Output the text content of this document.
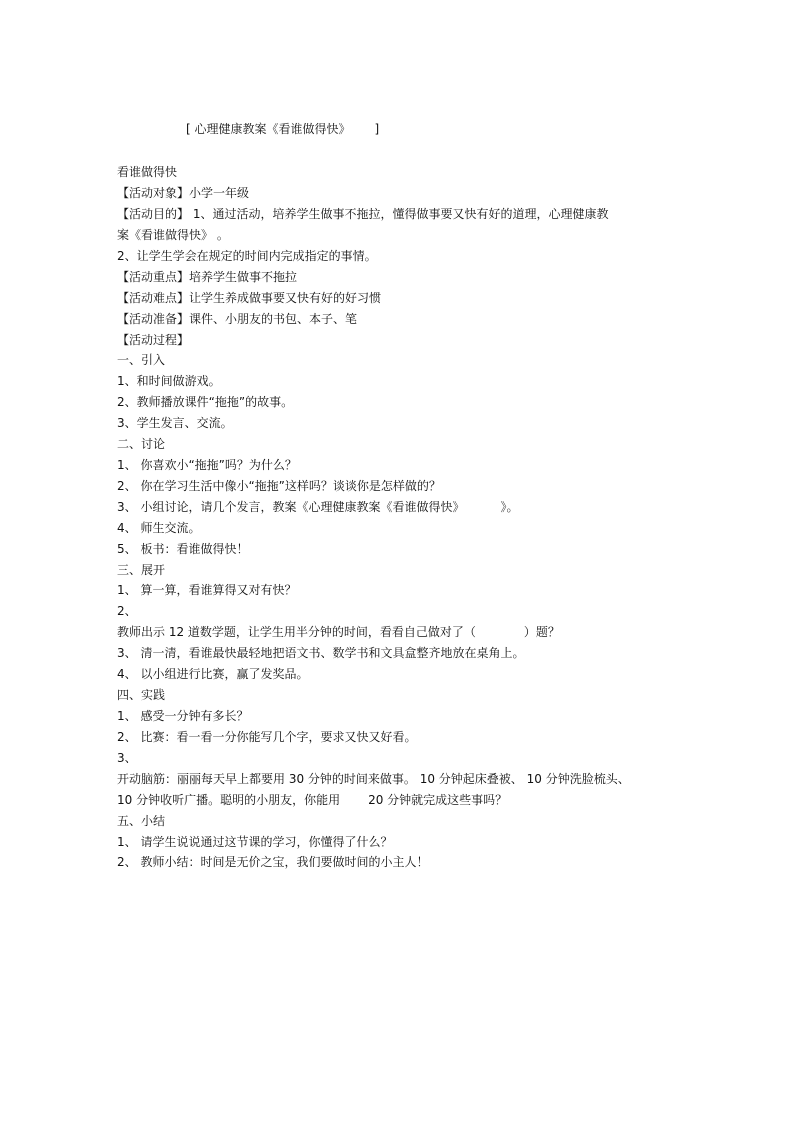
[ 心理健康教案《看谁做得快》 ]
看谁做得快
【活动对象】小学一年级
【活动目的】 1、通过活动，培养学生做事不拖拉，懂得做事要又快有好的道理，心理健康教
案《看谁做得快》 。
2、让学生学会在规定的时间内完成指定的事情。
【活动重点】培养学生做事不拖拉
【活动难点】让学生养成做事要又快有好的好习惯
【活动准备】课件、小朋友的书包、本子、笔
【活动过程】
一、引入
1、和时间做游戏。
2、教师播放课件“拖拖”的故事。
3、学生发言、交流。
二、讨论
1、 你喜欢小“拖拖”吗？为什么？
2、 你在学习生活中像小“拖拖”这样吗？谈谈你是怎样做的？
3、 小组讨论，请几个发言，教案《心理健康教案《看谁做得快》	》。
4、 师生交流。
5、 板书：看谁做得快！
三、展开
1、 算一算，看谁算得又对有快？
2、
教师出示 12 道数学题，让学生用半分钟的时间，看看自己做对了（	）题？
3、 清一清，看谁最快最轻地把语文书、数学书和文具盒整齐地放在桌角上。
4、 以小组进行比赛，赢了发奖品。
四、实践
1、 感受一分钟有多长？
2、 比赛：看一看一分你能写几个字，要求又快又好看。
3、
开动脑筋：丽丽每天早上都要用 30 分钟的时间来做事。 10 分钟起床叠被、 10 分钟洗脸梳头、
10 分钟收听广播。聪明的小朋友，你能用 20 分钟就完成这些事吗？
五、小结
1、 请学生说说通过这节课的学习，你懂得了什么？
2、 教师小结：时间是无价之宝，我们要做时间的小主人！
